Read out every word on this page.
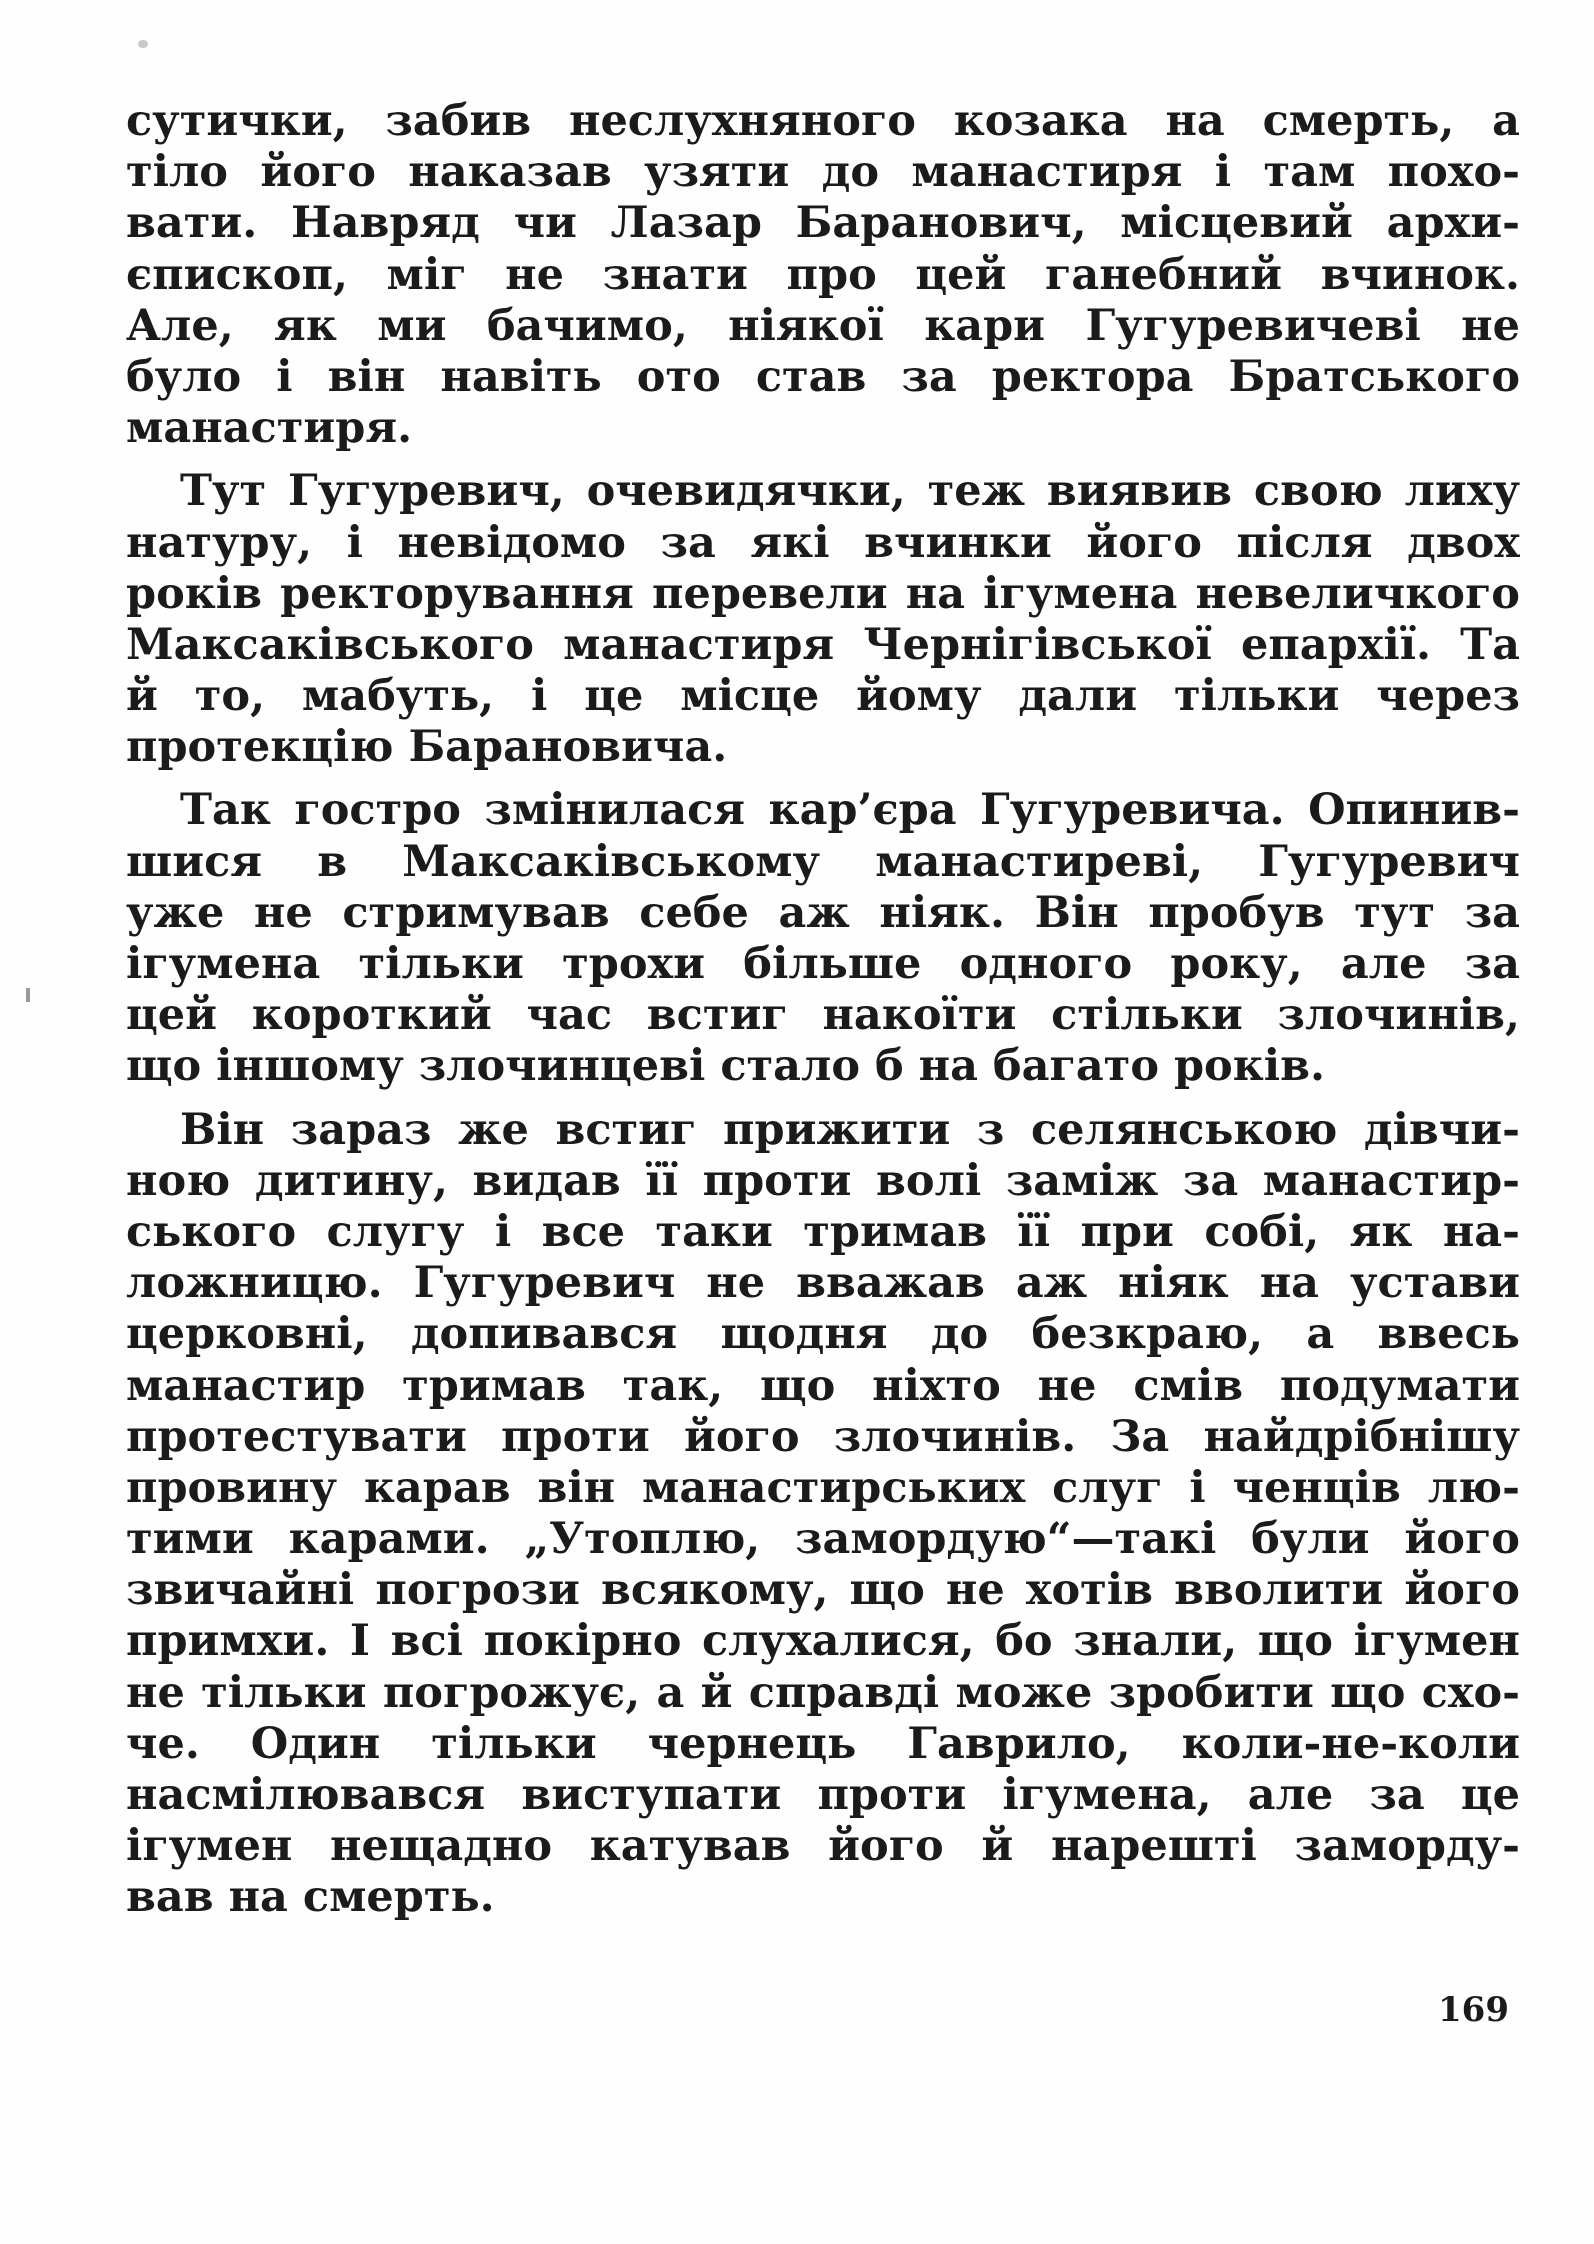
сутички, забив неслухняного козака на смерть, а
тіло його наказав узяти до манастиря і там похо-
вати. Навряд чи Лазар Баранович, місцевий архи-
єпископ, міг не знати про цей ганебний вчинок.
Але, як ми бачимо, ніякої кари Гугуревичеві не
було і він навіть ото став за ректора Братського
манастиря.
Тут Гугуревич, очевидячки, теж виявив свою лиху
натуру, і невідомо за які вчинки його після двох
років ректорування перевели на ігумена невеличкого
Максаківського манастиря Чернігівської епархії. Та
й то, мабуть, і це місце йому дали тільки через
протекцію Барановича.
Так гостро змінилася кар’єра Гугуревича. Опинив-
шися в Максаківському манастиреві, Гугуревич
уже не стримував себе аж ніяк. Він пробув тут за
ігумена тільки трохи більше одного року, але за
цей короткий час встиг накоїти стільки злочинів,
що іншому злочинцеві стало б на багато років.
Він зараз же встиг прижити з селянською дівчи-
ною дитину, видав її проти волі заміж за манастир-
ського слугу і все таки тримав її при собі, як на-
ложницю. Гугуревич не вважав аж ніяк на устави
церковні, допивався щодня до безкраю, а ввесь
манастир тримав так, що ніхто не смів подумати
протестувати проти його злочинів. За найдрібнішу
провину карав він манастирських слуг і ченців лю-
тими карами. „Утоплю, замордую“—такі були його
звичайні погрози всякому, що не хотів вволити його
примхи. І всі покірно слухалися, бо знали, що ігумен
не тільки погрожує, а й справді може зробити що схо-
че. Один тільки чернець Гаврило, коли-не-коли
насмілювався виступати проти ігумена, але за це
ігумен нещадно катував його й нарешті заморду-
вав на смерть.
169
